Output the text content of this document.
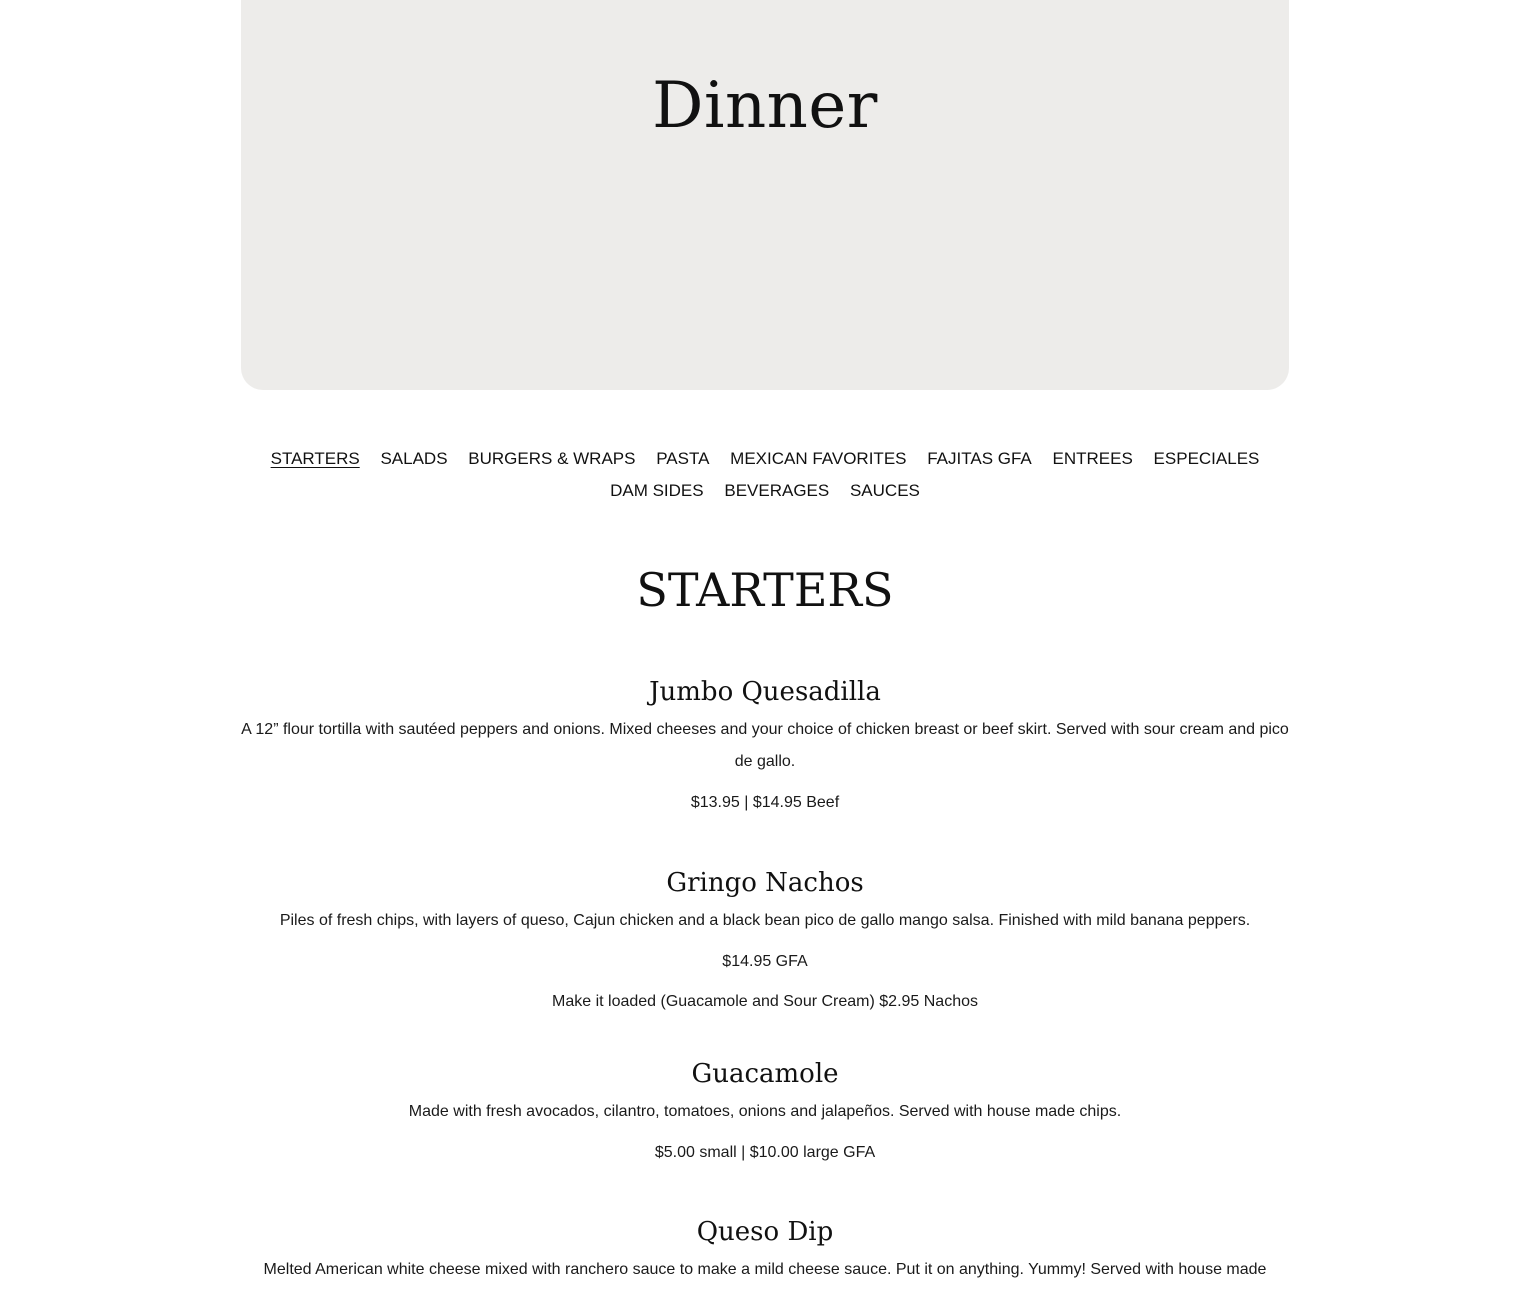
Dinner
STARTERS SALADS BURGERS & WRAPS PASTA MEXICAN FAVORITES FAJITAS GFA ENTREES ESPECIALES
DAM SIDES BEVERAGES SAUCES
STARTERS
Jumbo Quesadilla

A 12” flour tortilla with sautéed peppers and onions. Mixed cheeses and your choice of chicken breast or beef skirt. Served with sour cream and pico de gallo.

$13.95 | $14.95 Beef

Gringo Nachos

Piles of fresh chips, with layers of queso, Cajun chicken and a black bean pico de gallo mango salsa. Finished with mild banana peppers.

$14.95 GFA

Make it loaded (Guacamole and Sour Cream) $2.95 Nachos

Guacamole

Made with fresh avocados, cilantro, tomatoes, onions and jalapeños. Served with house made chips.

$5.00 small | $10.00 large GFA

Queso Dip

Melted American white cheese mixed with ranchero sauce to make a mild cheese sauce. Put it on anything. Yummy! Served with house made
